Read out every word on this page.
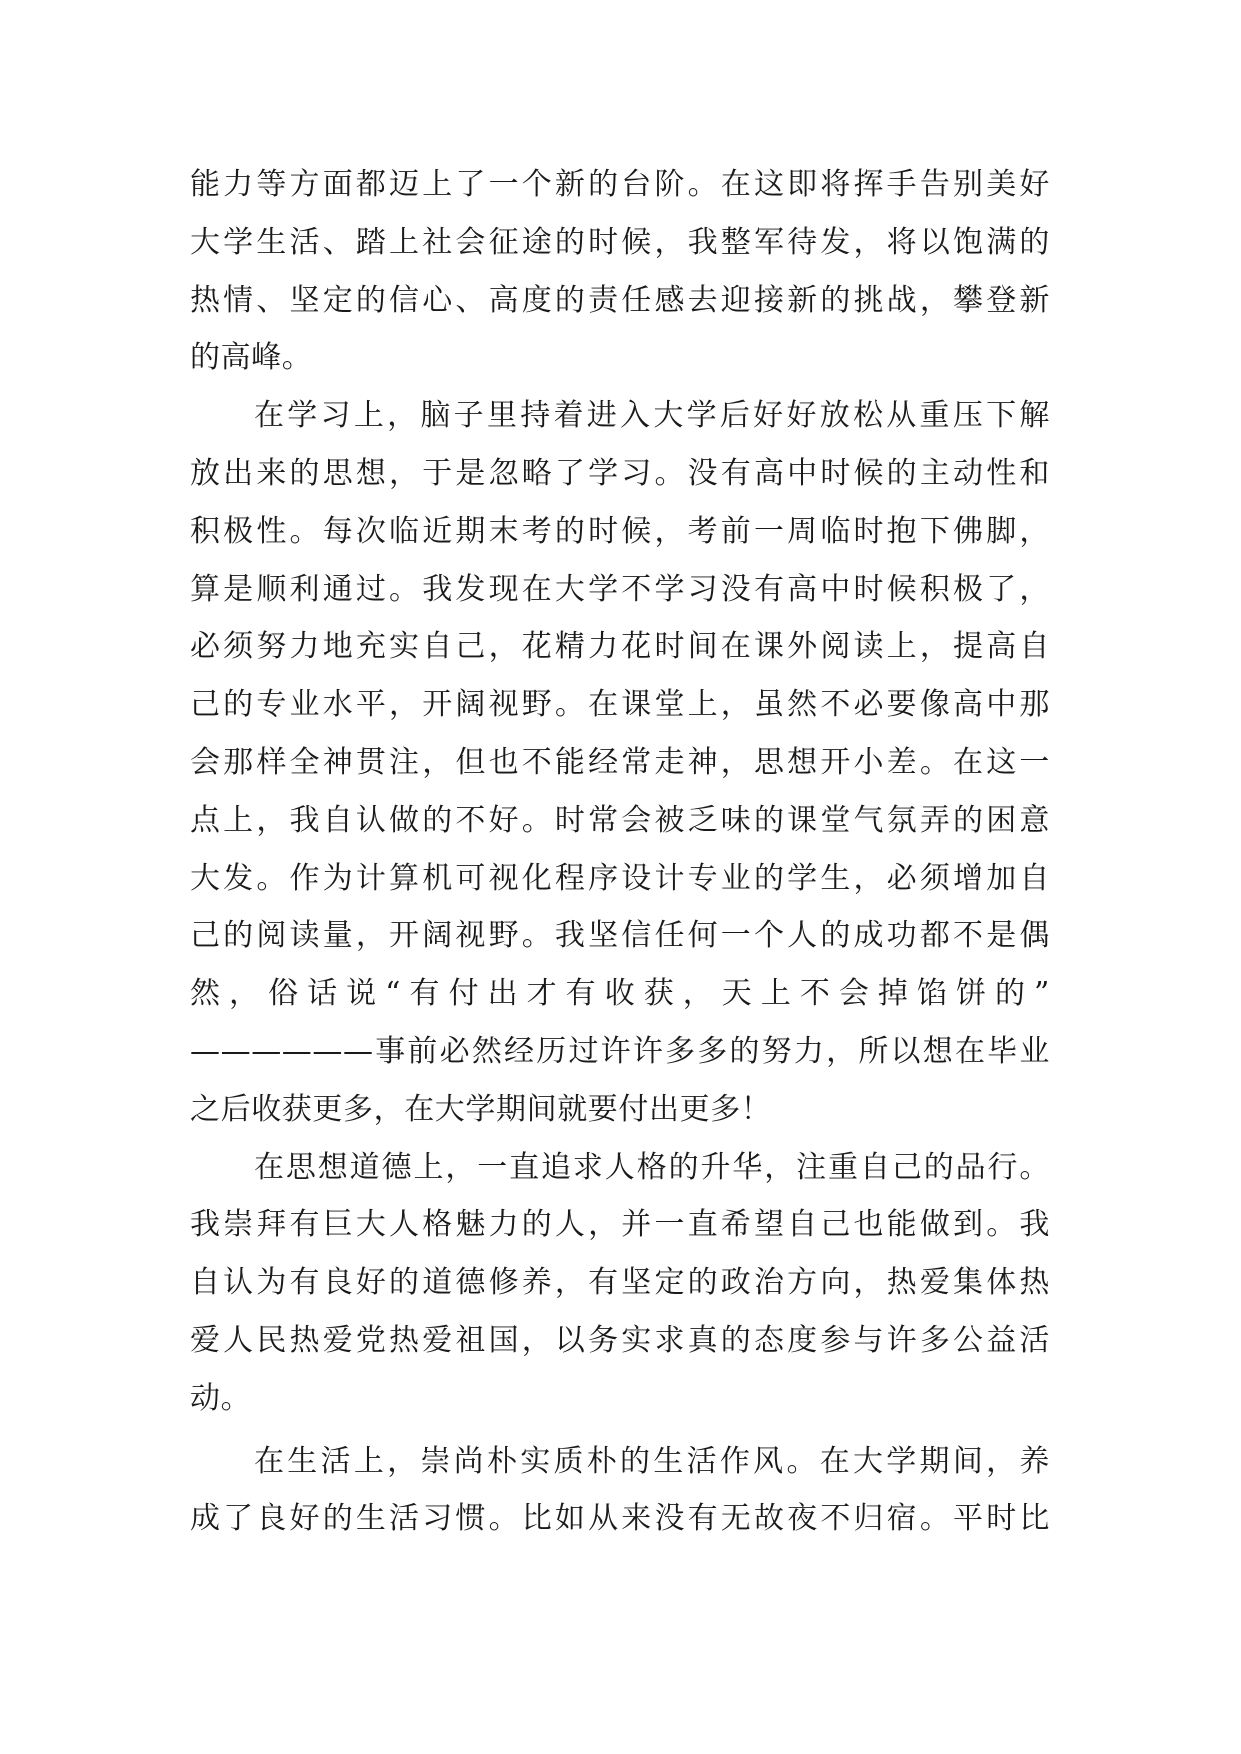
能力等方面都迈上了一个新的台阶。在这即将挥手告别美好
大学生活、踏上社会征途的时候，我整军待发，将以饱满的
热情、坚定的信心、高度的责任感去迎接新的挑战，攀登新
的高峰。
在学习上，脑子里持着进入大学后好好放松从重压下解
放出来的思想，于是忽略了学习。没有高中时候的主动性和
积极性。每次临近期末考的时候，考前一周临时抱下佛脚，
算是顺利通过。我发现在大学不学习没有高中时候积极了，
必须努力地充实自己，花精力花时间在课外阅读上，提高自
己的专业水平，开阔视野。在课堂上，虽然不必要像高中那
会那样全神贯注，但也不能经常走神，思想开小差。在这一
点上，我自认做的不好。时常会被乏味的课堂气氛弄的困意
大发。作为计算机可视化程序设计专业的学生，必须增加自
己的阅读量，开阔视野。我坚信任何一个人的成功都不是偶
然，俗话说“有付出才有收获，天上不会掉馅饼的”
——————事前必然经历过许许多多的努力，所以想在毕业
之后收获更多，在大学期间就要付出更多！
在思想道德上，一直追求人格的升华，注重自己的品行。
我崇拜有巨大人格魅力的人，并一直希望自己也能做到。我
自认为有良好的道德修养，有坚定的政治方向，热爱集体热
爱人民热爱党热爱祖国，以务实求真的态度参与许多公益活
动。
在生活上，崇尚朴实质朴的生活作风。在大学期间，养
成了良好的生活习惯。比如从来没有无故夜不归宿。平时比
